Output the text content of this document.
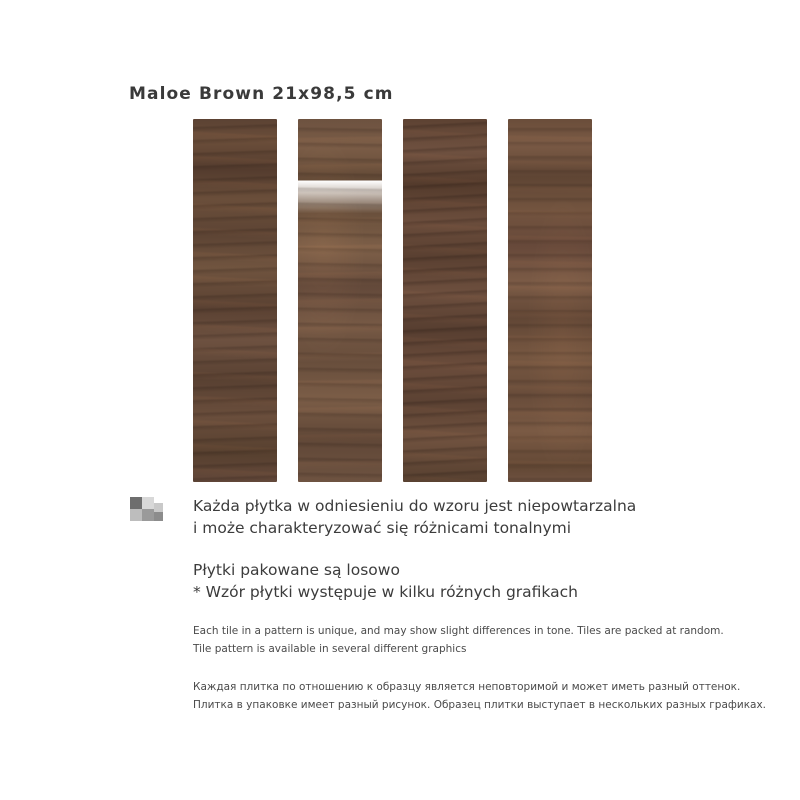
Maloe Brown 21x98,5 cm
Każda płytka w odniesieniu do wzoru jest niepowtarzalna
i może charakteryzować się różnicami tonalnymi
Płytki pakowane są losowo
* Wzór płytki występuje w kilku różnych grafikach
Each tile in a pattern is unique, and may show slight differences in tone. Tiles are packed at random.
Tile pattern is available in several different graphics
Каждая плитка по отношению к образцу является неповторимой и может иметь разный оттенок.
Плитка в упаковке имеет разный рисунок. Образец плитки выступает в нескольких разных графиках.
